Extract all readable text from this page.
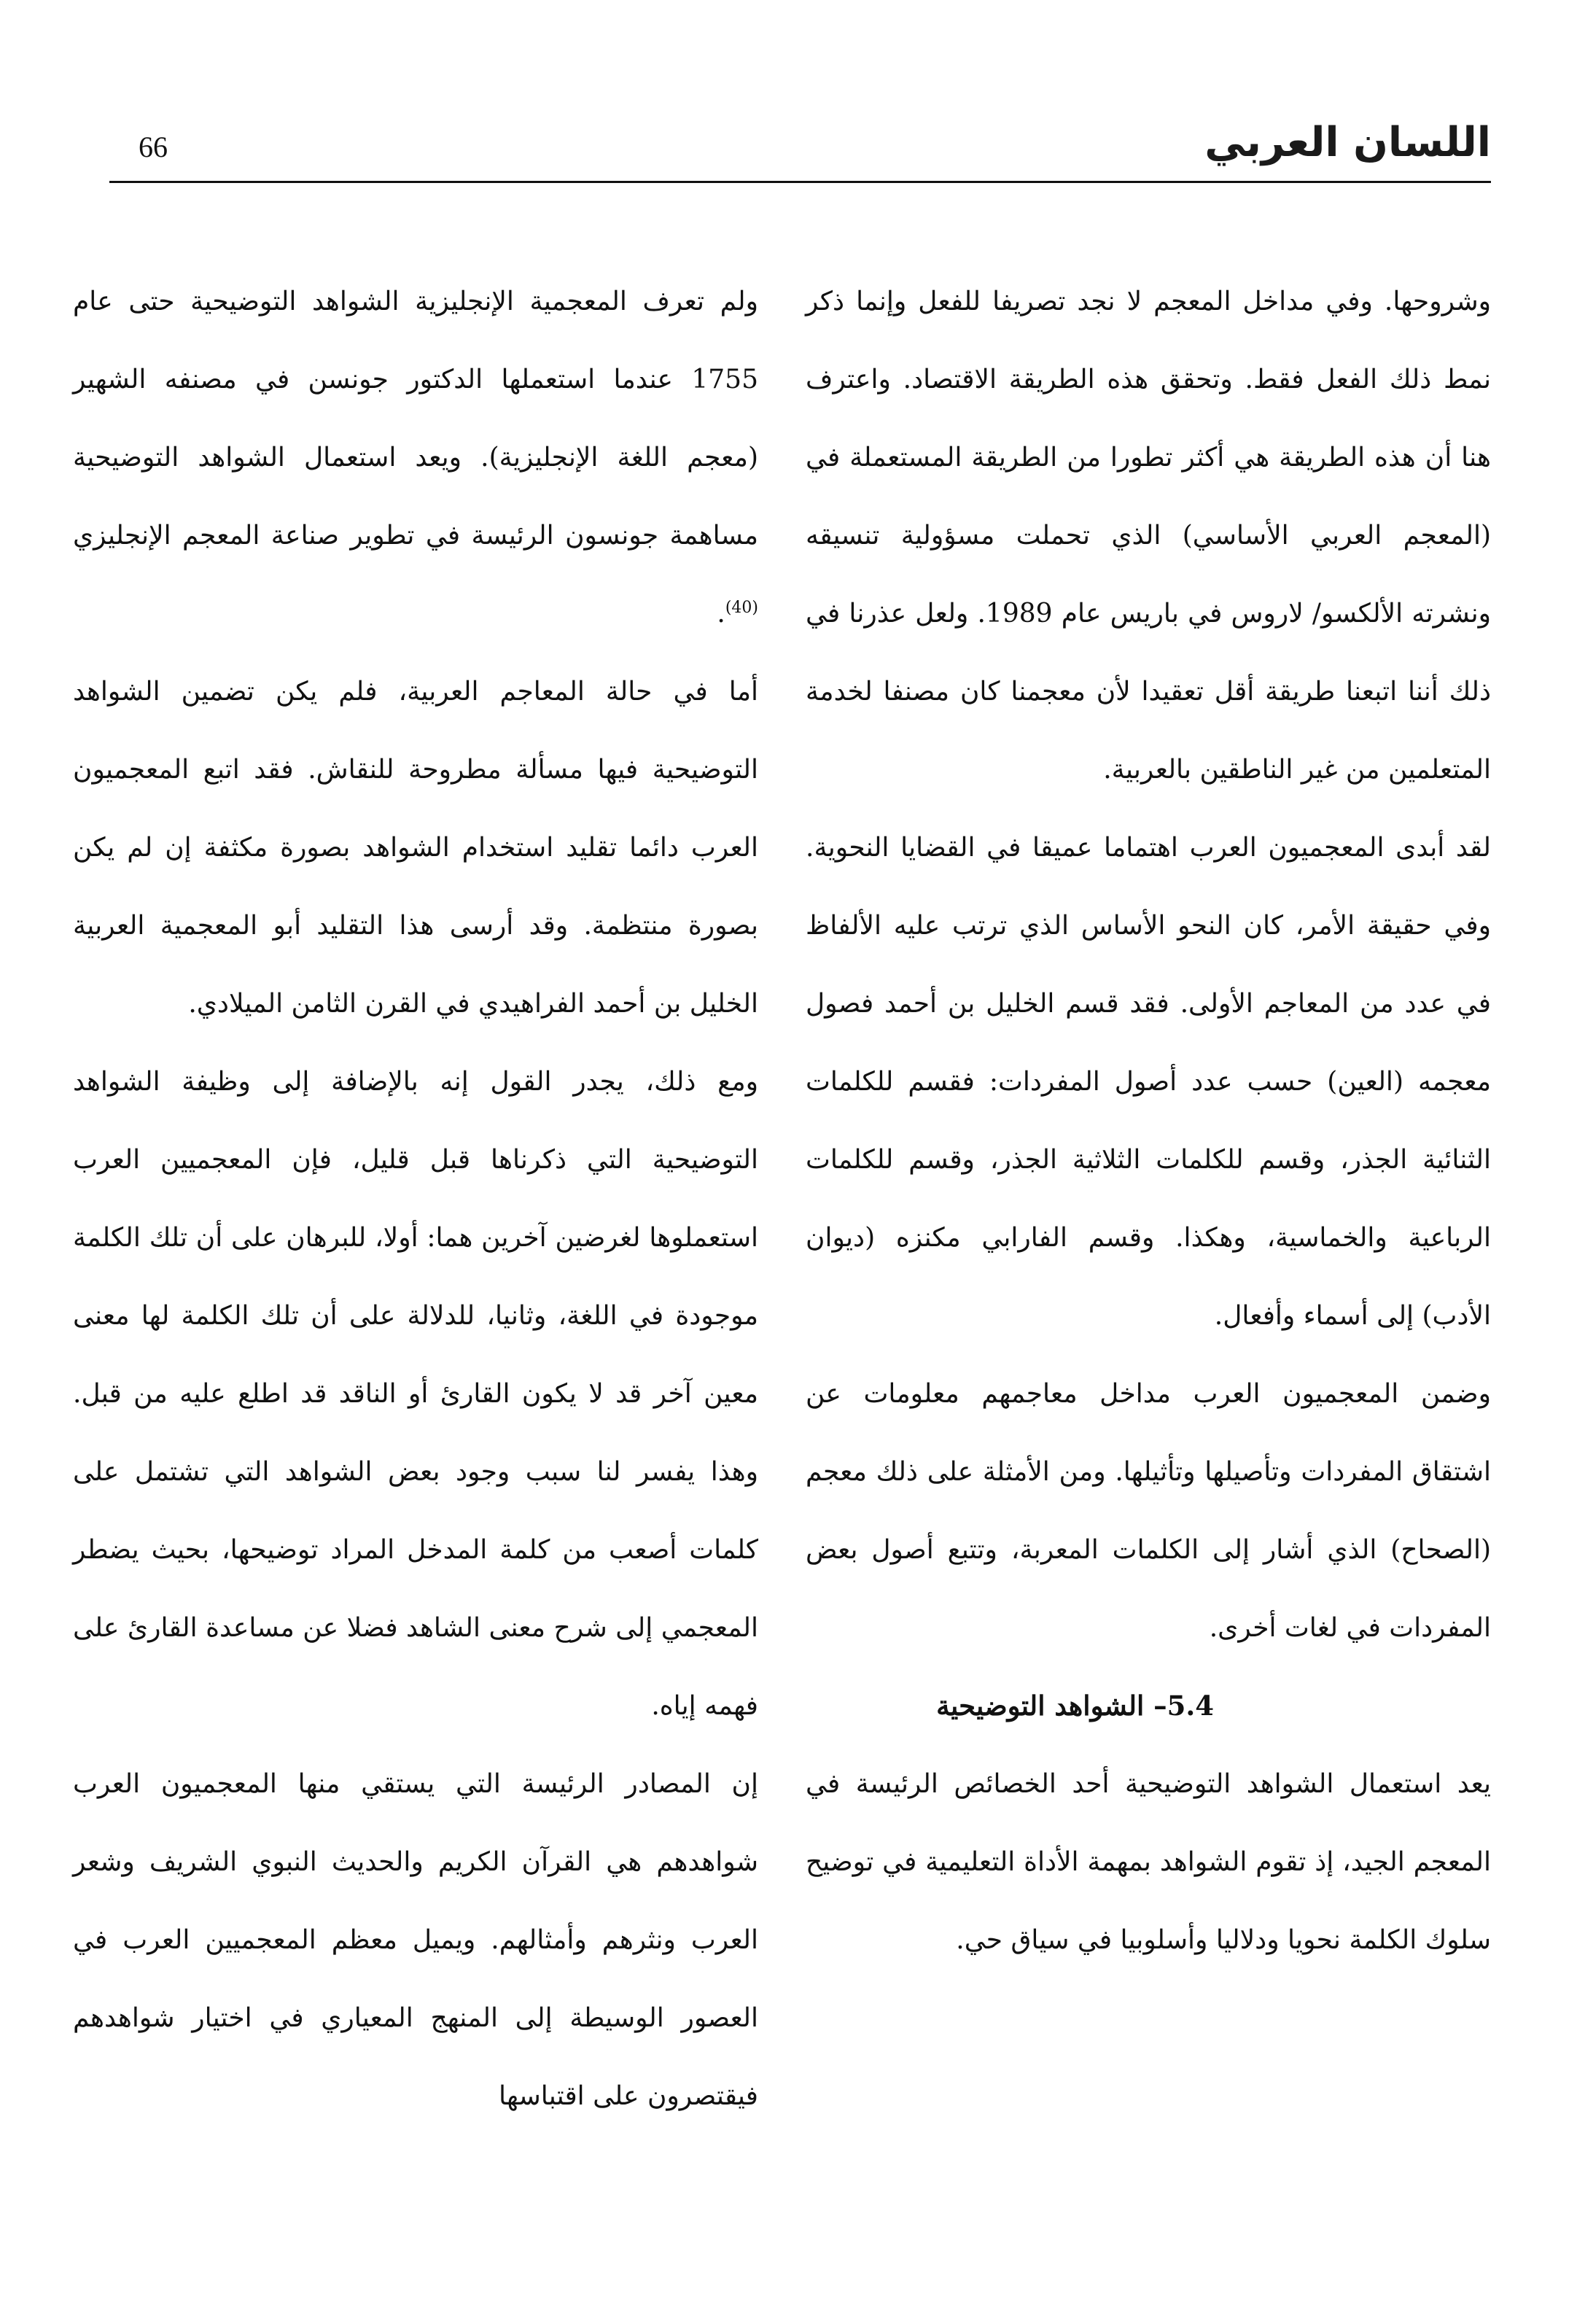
اللسان العربي
66

وشروحها. وفي مداخل المعجم لا نجد تصريفا للفعل وإنما ذكر نمط ذلك الفعل فقط. وتحقق هذه الطريقة الاقتصاد. واعترف هنا أن هذه الطريقة هي أكثر تطورا من الطريقة المستعملة في (المعجم العربي الأساسي) الذي تحملت مسؤولية تنسيقه ونشرته الألكسو/ لاروس في باريس عام 1989. ولعل عذرنا في ذلك أننا اتبعنا طريقة أقل تعقيدا لأن معجمنا كان مصنفا لخدمة المتعلمين من غير الناطقين بالعربية.

لقد أبدى المعجميون العرب اهتماما عميقا في القضايا النحوية. وفي حقيقة الأمر، كان النحو الأساس الذي ترتب عليه الألفاظ في عدد من المعاجم الأولى. فقد قسم الخليل بن أحمد فصول معجمه (العين) حسب عدد أصول المفردات: فقسم للكلمات الثنائية الجذر، وقسم للكلمات الثلاثية الجذر، وقسم للكلمات الرباعية والخماسية، وهكذا. وقسم الفارابي مكنزه (ديوان الأدب) إلى أسماء وأفعال.

وضمن المعجميون العرب مداخل معاجمهم معلومات عن اشتقاق المفردات وتأصيلها وتأثيلها. ومن الأمثلة على ذلك معجم (الصحاح) الذي أشار إلى الكلمات المعربة، وتتبع أصول بعض المفردات في لغات أخرى.

5.4– الشواهد التوضيحية

يعد استعمال الشواهد التوضيحية أحد الخصائص الرئيسة في المعجم الجيد، إذ تقوم الشواهد بمهمة الأداة التعليمية في توضيح سلوك الكلمة نحويا ودلاليا وأسلوبيا في سياق حي.

ولم تعرف المعجمية الإنجليزية الشواهد التوضيحية حتى عام 1755 عندما استعملها الدكتور جونسن في مصنفه الشهير (معجم اللغة الإنجليزية). ويعد استعمال الشواهد التوضيحية مساهمة جونسون الرئيسة في تطوير صناعة المعجم الإنجليزي $^{(40)}$.

أما في حالة المعاجم العربية، فلم يكن تضمين الشواهد التوضيحية فيها مسألة مطروحة للنقاش. فقد اتبع المعجميون العرب دائما تقليد استخدام الشواهد بصورة مكثفة إن لم يكن بصورة منتظمة. وقد أرسى هذا التقليد أبو المعجمية العربية الخليل بن أحمد الفراهيدي في القرن الثامن الميلادي.

ومع ذلك، يجدر القول إنه بالإضافة إلى وظيفة الشواهد التوضيحية التي ذكرناها قبل قليل، فإن المعجميين العرب استعملوها لغرضين آخرين هما: أولا، للبرهان على أن تلك الكلمة موجودة في اللغة، وثانيا، للدلالة على أن تلك الكلمة لها معنى معين آخر قد لا يكون القارئ أو الناقد قد اطلع عليه من قبل. وهذا يفسر لنا سبب وجود بعض الشواهد التي تشتمل على كلمات أصعب من كلمة المدخل المراد توضيحها، بحيث يضطر المعجمي إلى شرح معنى الشاهد فضلا عن مساعدة القارئ على فهمه إياه.

إن المصادر الرئيسة التي يستقي منها المعجميون العرب شواهدهم هي القرآن الكريم والحديث النبوي الشريف وشعر العرب ونثرهم وأمثالهم. ويميل معظم المعجميين العرب في العصور الوسيطة إلى المنهج المعياري في اختيار شواهدهم فيقتصرون على اقتباسها
